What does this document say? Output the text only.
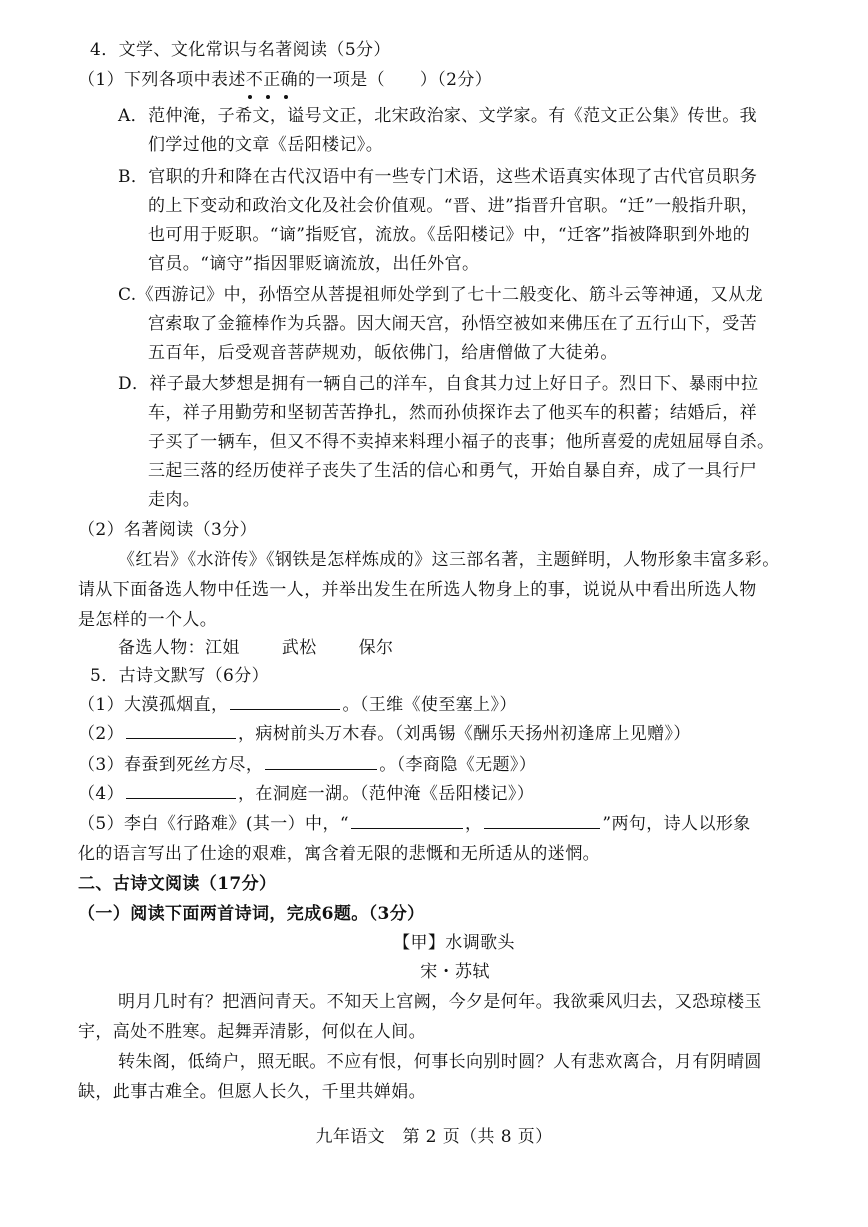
4．文学、文化常识与名著阅读（5分）
（1）下列各项中表述不正确的一项是（　　）（2分）
A．范仲淹，子希文，谥号文正，北宋政治家、文学家。有《范文正公集》传世。我
们学过他的文章《岳阳楼记》。
B．官职的升和降在古代汉语中有一些专门术语，这些术语真实体现了古代官员职务
的上下变动和政治文化及社会价值观。“晋、进”指晋升官职。“迁”一般指升职，
也可用于贬职。“谪”指贬官，流放。《岳阳楼记》中，“迁客”指被降职到外地的
官员。“谪守”指因罪贬谪流放，出任外官。
C.《西游记》中，孙悟空从菩提祖师处学到了七十二般变化、筋斗云等神通，又从龙
宫索取了金箍棒作为兵器。因大闹天宫，孙悟空被如来佛压在了五行山下，受苦
五百年，后受观音菩萨规劝，皈依佛门，给唐僧做了大徒弟。
D．祥子最大梦想是拥有一辆自己的洋车，自食其力过上好日子。烈日下、暴雨中拉
车，祥子用勤劳和坚韧苦苦挣扎，然而孙侦探诈去了他买车的积蓄；结婚后，祥
子买了一辆车，但又不得不卖掉来料理小福子的丧事；他所喜爱的虎妞屈辱自杀。
三起三落的经历使祥子丧失了生活的信心和勇气，开始自暴自弃，成了一具行尸
走肉。
（2）名著阅读（3分）
《红岩》《水浒传》《钢铁是怎样炼成的》这三部名著，主题鲜明，人物形象丰富多彩。
请从下面备选人物中任选一人，并举出发生在所选人物身上的事，说说从中看出所选人物
是怎样的一个人。
备选人物：江姐 武松 保尔
5．古诗文默写（6分）
（1）大漠孤烟直，	。（王维《使至塞上》）
（2）	，病树前头万木春。（刘禹锡《酬乐天扬州初逢席上见赠》）
（3）春蚕到死丝方尽，	。（李商隐《无题》）
（4）	，在洞庭一湖。（范仲淹《岳阳楼记》）
（5）李白《行路难》(其一）中，“	，	”两句，诗人以形象
化的语言写出了仕途的艰难，寓含着无限的悲慨和无所适从的迷惘。
二、古诗文阅读（17分）
（一）阅读下面两首诗词，完成6题。（3分）
【甲】水调歌头
宋・苏轼
明月几时有？把酒问青天。不知天上宫阙，今夕是何年。我欲乘风归去，又恐琼楼玉
宇，高处不胜寒。起舞弄清影，何似在人间。
转朱阁，低绮户，照无眠。不应有恨，何事长向别时圆？人有悲欢离合，月有阴晴圆
缺，此事古难全。但愿人长久，千里共婵娟。
九年语文　第 2 页（共 8 页）
